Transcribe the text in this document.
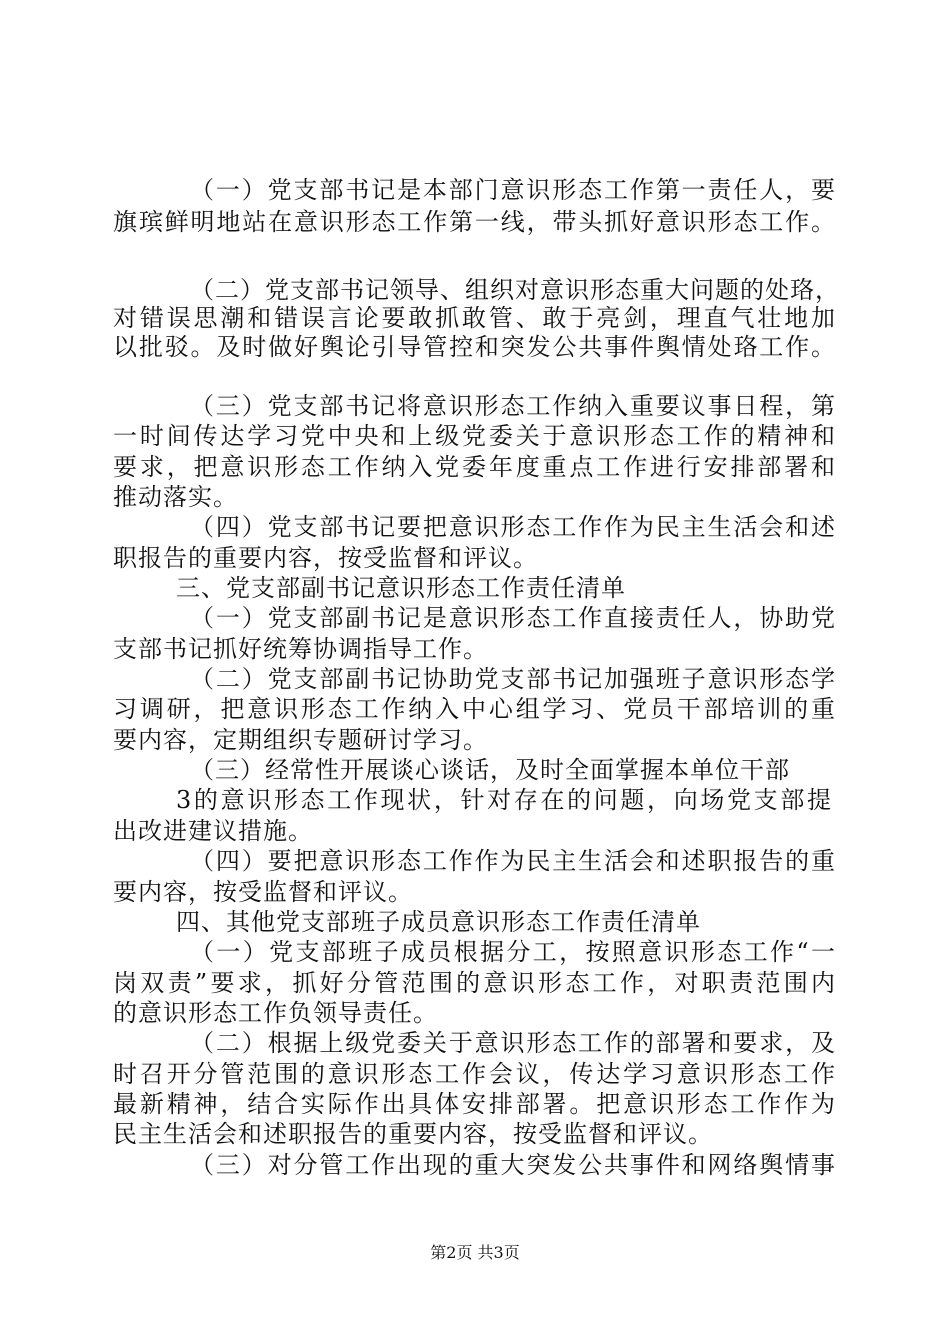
（一）党支部书记是本部门意识形态工作第一责任人，要
旗瑸鲜明地站在意识形态工作第一线，带头抓好意识形态工作。
（二）党支部书记领导、组织对意识形态重大问题的处珞，
对错误思潮和错误言论要敢抓敢管、敢于亮剑，理直气壮地加
以批驳。及时做好舆论引导管控和突发公共事件舆情处珞工作。
（三）党支部书记将意识形态工作纳入重要议事日程，第
一时间传达学习党中央和上级党委关于意识形态工作的精神和
要求，把意识形态工作纳入党委年度重点工作进行安排部署和
推动落实。
（四）党支部书记要把意识形态工作作为民主生活会和述
职报告的重要内容，按受监督和评议。
三、党支部副书记意识形态工作责任清单
（一）党支部副书记是意识形态工作直接责任人，协助党
支部书记抓好统筹协调指导工作。
（二）党支部副书记协助党支部书记加强班子意识形态学
习调研，把意识形态工作纳入中心组学习、党员干部培训的重
要内容，定期组织专题研讨学习。
（三）经常性开展谈心谈话，及时全面掌握本单位干部
3的意识形态工作现状，针对存在的问题，向场党支部提
出改进建议措施。
（四）要把意识形态工作作为民主生活会和述职报告的重
要内容，按受监督和评议。
四、其他党支部班子成员意识形态工作责任清单
（一）党支部班子成员根据分工，按照意识形态工作“一
岗双责”要求，抓好分管范围的意识形态工作，对职责范围内
的意识形态工作负领导责任。
（二）根据上级党委关于意识形态工作的部署和要求，及
时召开分管范围的意识形态工作会议，传达学习意识形态工作
最新精神，结合实际作出具体安排部署。把意识形态工作作为
民主生活会和述职报告的重要内容，按受监督和评议。
（三）对分管工作出现的重大突发公共事件和网络舆情事
第2页 共3页
